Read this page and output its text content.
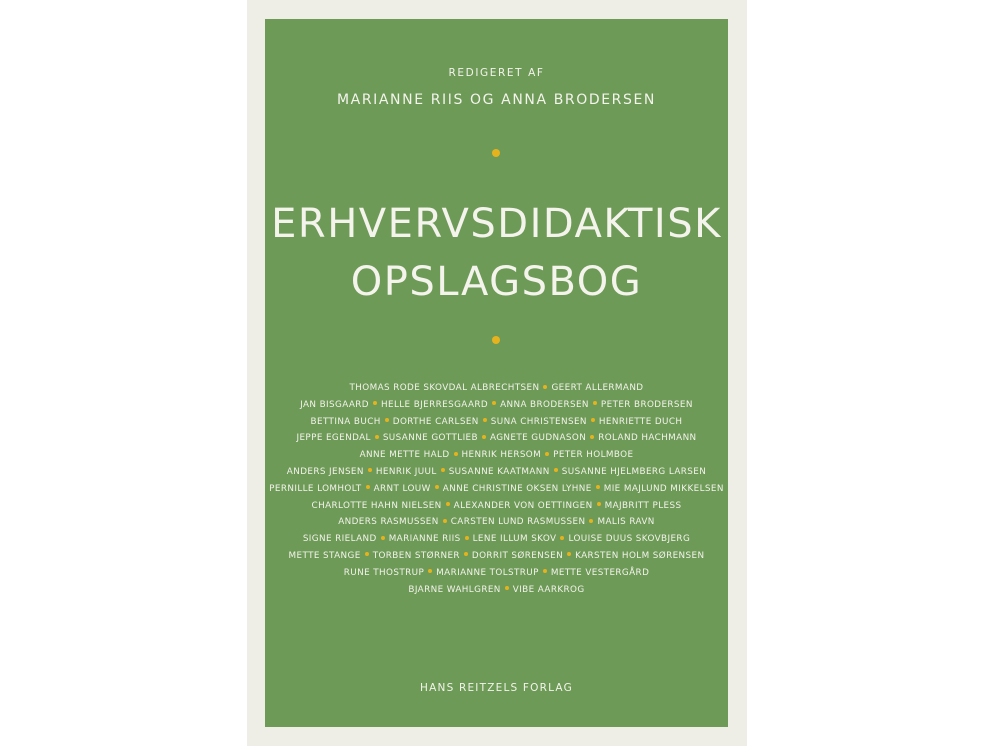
REDIGERET AF
MARIANNE RIIS OG ANNA BRODERSEN
ERHVERVSDIDAKTISK
OPSLAGSBOG
THOMAS RODE SKOVDAL ALBRECHTSEN GEERT ALLERMAND
JAN BISGAARD HELLE BJERRESGAARD ANNA BRODERSEN PETER BRODERSEN
BETTINA BUCH DORTHE CARLSEN SUNA CHRISTENSEN HENRIETTE DUCH
JEPPE EGENDAL SUSANNE GOTTLIEB AGNETE GUDNASON ROLAND HACHMANN
ANNE METTE HALD HENRIK HERSOM PETER HOLMBOE
ANDERS JENSEN HENRIK JUUL SUSANNE KAATMANN SUSANNE HJELMBERG LARSEN
PERNILLE LOMHOLT ARNT LOUW ANNE CHRISTINE OKSEN LYHNE MIE MAJLUND MIKKELSEN
CHARLOTTE HAHN NIELSEN ALEXANDER VON OETTINGEN MAJBRITT PLESS
ANDERS RASMUSSEN CARSTEN LUND RASMUSSEN MALIS RAVN
SIGNE RIELAND MARIANNE RIIS LENE ILLUM SKOV LOUISE DUUS SKOVBJERG
METTE STANGE TORBEN STØRNER DORRIT SØRENSEN KARSTEN HOLM SØRENSEN
RUNE THOSTRUP MARIANNE TOLSTRUP METTE VESTERGÅRD
BJARNE WAHLGREN VIBE AARKROG
HANS REITZELS FORLAG
